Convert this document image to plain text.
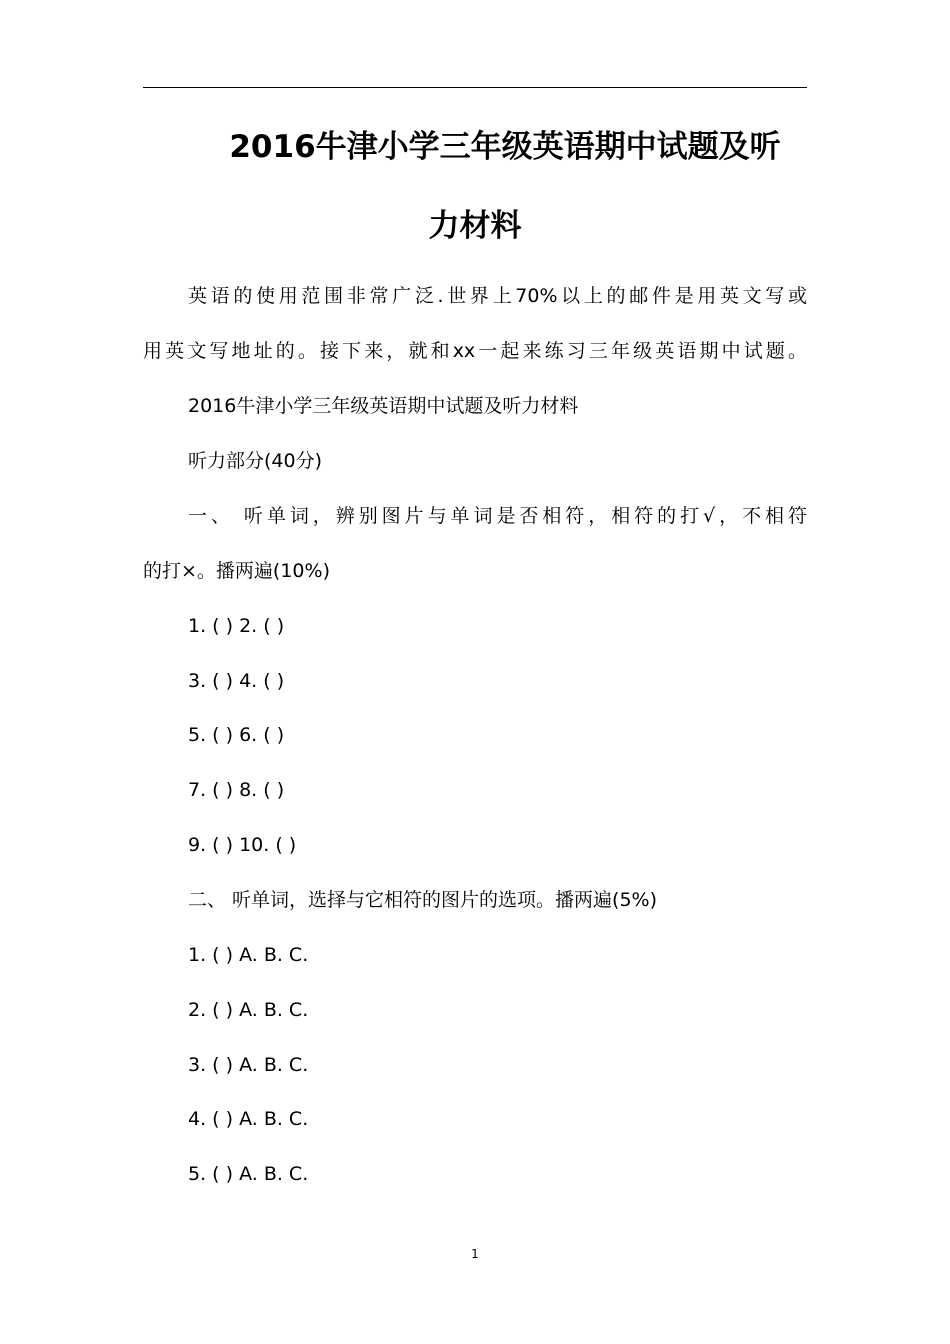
2016牛津小学三年级英语期中试题及听
力材料
英语的使用范围非常广泛.世界上70%以上的邮件是用英文写或
用英文写地址的。接下来，就和xx一起来练习三年级英语期中试题。
2016牛津小学三年级英语期中试题及听力材料
听力部分(40分)
一、 听单词，辨别图片与单词是否相符，相符的打√，不相符
的打×。播两遍(10%)
1. ( ) 2. ( )
3. ( ) 4. ( )
5. ( ) 6. ( )
7. ( ) 8. ( )
9. ( ) 10. ( )
二、 听单词，选择与它相符的图片的选项。播两遍(5%)
1. ( ) A. B. C.
2. ( ) A. B. C.
3. ( ) A. B. C.
4. ( ) A. B. C.
5. ( ) A. B. C.
1
